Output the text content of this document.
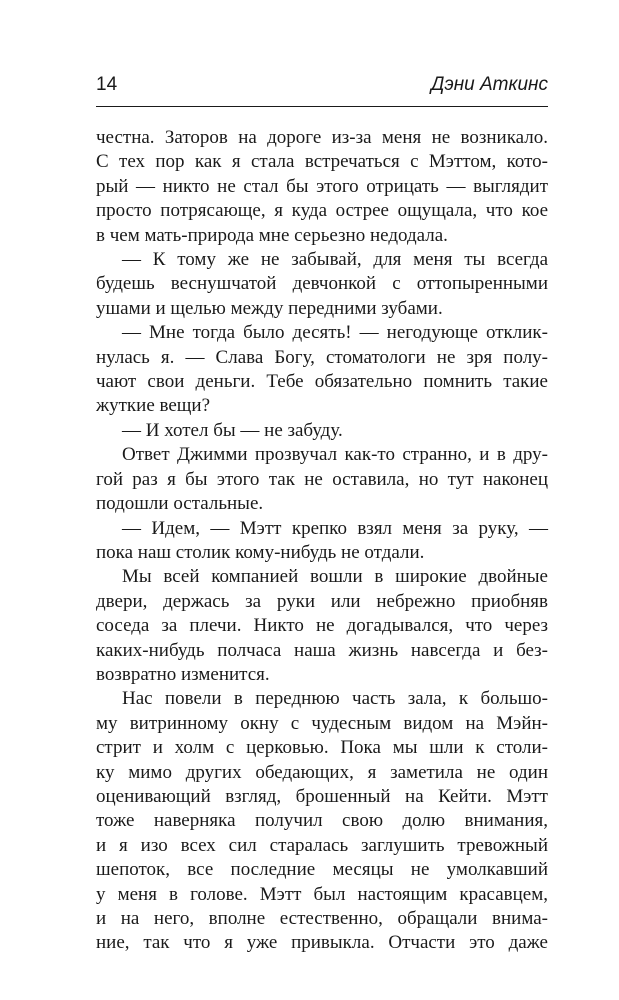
14	Дэни Аткинс
честна. Заторов на дороге из-за меня не возникало.
С тех пор как я стала встречаться с Мэттом, кото-
рый — никто не стал бы этого отрицать — выглядит
просто потрясающе, я куда острее ощущала, что кое
в чем мать-природа мне серьезно недодала.
— К тому же не забывай, для меня ты всегда
будешь веснушчатой девчонкой с оттопыренными
ушами и щелью между передними зубами.
— Мне тогда было десять! — негодующе отклик-
нулась я. — Слава Богу, стоматологи не зря полу-
чают свои деньги. Тебе обязательно помнить такие
жуткие вещи?
— И хотел бы — не забуду.
Ответ Джимми прозвучал как-то странно, и в дру-
гой раз я бы этого так не оставила, но тут наконец
подошли остальные.
— Идем, — Мэтт крепко взял меня за руку, —
пока наш столик кому-нибудь не отдали.
Мы всей компанией вошли в широкие двойные
двери, держась за руки или небрежно приобняв
соседа за плечи. Никто не догадывался, что через
каких-нибудь полчаса наша жизнь навсегда и без-
возвратно изменится.
Нас повели в переднюю часть зала, к большо-
му витринному окну с чудесным видом на Мэйн-
стрит и холм с церковью. Пока мы шли к столи-
ку мимо других обедающих, я заметила не один
оценивающий взгляд, брошенный на Кейти. Мэтт
тоже наверняка получил свою долю внимания,
и я изо всех сил старалась заглушить тревожный
шепоток, все последние месяцы не умолкавший
у меня в голове. Мэтт был настоящим красавцем,
и на него, вполне естественно, обращали внима-
ние, так что я уже привыкла. Отчасти это даже
